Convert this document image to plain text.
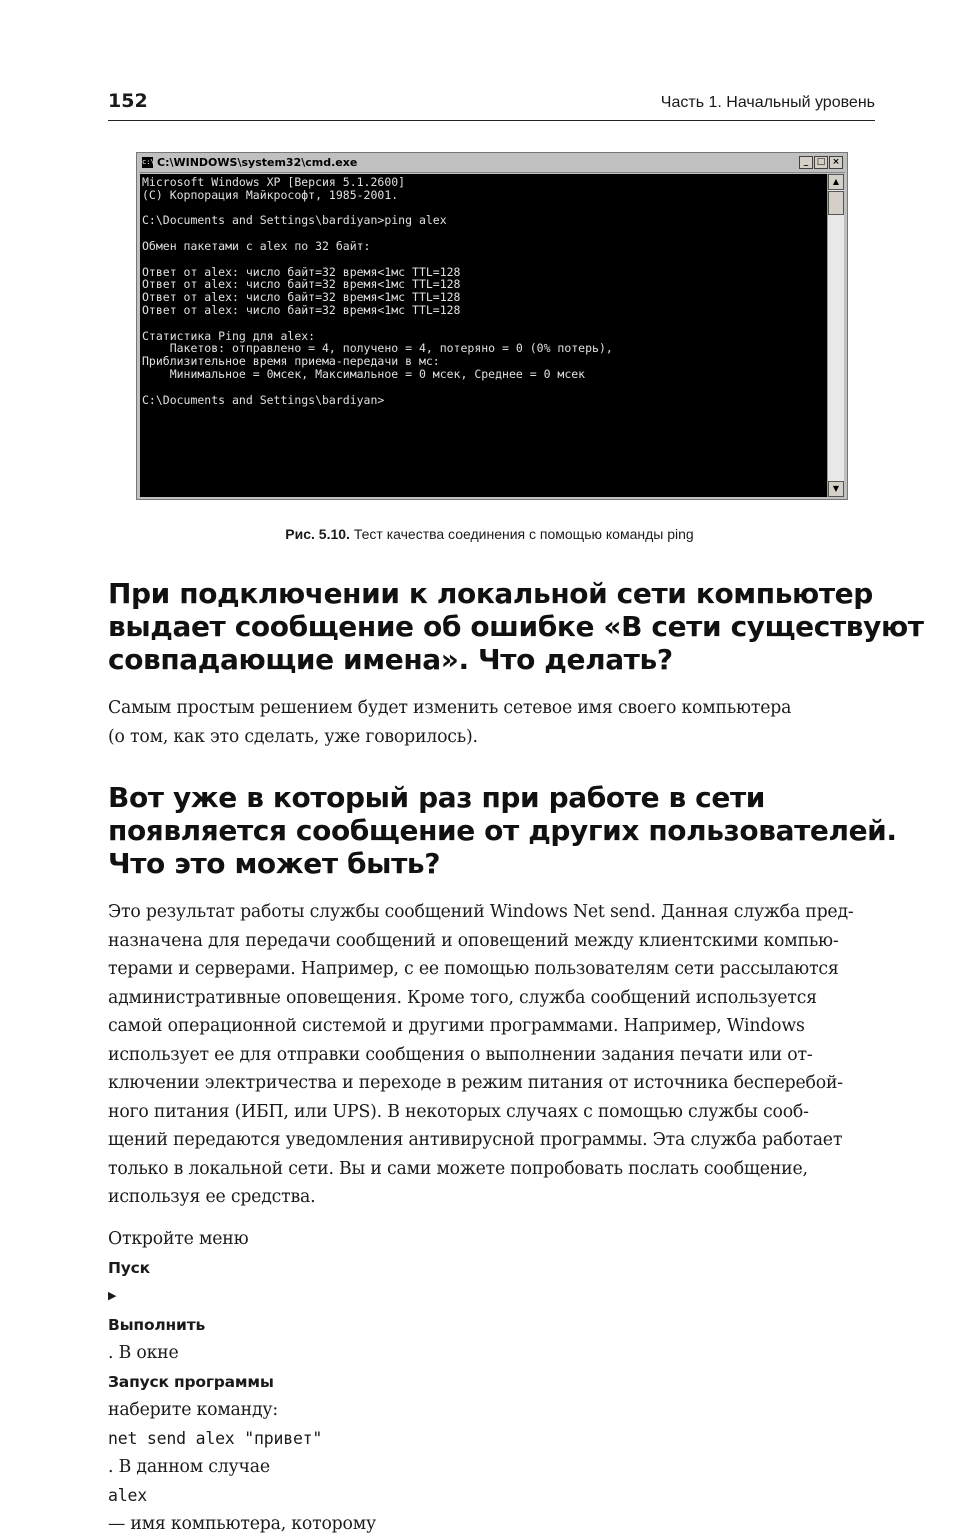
152	Часть 1. Начальный уровень
c:\ C:\WINDOWS\system32\cmd.exe	_ □ ×
Microsoft Windows XP [Версия 5.1.2600]
(С) Корпорация Майкрософт, 1985-2001.

C:\Documents and Settings\bardiyan>ping alex

Обмен пакетами с alex по 32 байт:

Ответ от alex: число байт=32 время<1мс TTL=128
Ответ от alex: число байт=32 время<1мс TTL=128
Ответ от alex: число байт=32 время<1мс TTL=128
Ответ от alex: число байт=32 время<1мс TTL=128

Статистика Ping для alex:
Пакетов: отправлено = 4, получено = 4, потеряно = 0 (0% потерь),
Приблизительное время приема-передачи в мс:
Минимальное = 0мсек, Максимальное = 0 мсек, Среднее = 0 мсек

C:\Documents and Settings\bardiyan>
▲
▼
Рис. 5.10. Тест качества соединения с помощью команды ping
При подключении к локальной сети компьютер
выдает сообщение об ошибке «В сети существуют
совпадающие имена». Что делать?

Самым простым решением будет изменить сетевое имя своего компьютера
(о том, как это сделать, уже говорилось).

Вот уже в который раз при работе в сети
появляется сообщение от других пользователей.
Что это может быть?

Это результат работы службы сообщений Windows Net send. Данная служба пред-
назначена для передачи сообщений и оповещений между клиентскими компью-
терами и серверами. Например, с ее помощью пользователям сети рассылаются
административные оповещения. Кроме того, служба сообщений используется
самой операционной системой и другими программами. Например, Windows
использует ее для отправки сообщения о выполнении задания печати или от-
ключении электричества и переходе в режим питания от источника бесперебой-
ного питания (ИБП, или UPS). В некоторых случаях с помощью службы сооб-
щений передаются уведомления антивирусной программы. Эта служба работает
только в локальной сети. Вы и сами можете попробовать послать сообщение,
используя ее средства.

Откройте меню
Пуск
▶
Выполнить
. В окне
Запуск программы
наберите команду:
net send alex "привет"
. В данном случае
alex
— имя компьютера, которому
